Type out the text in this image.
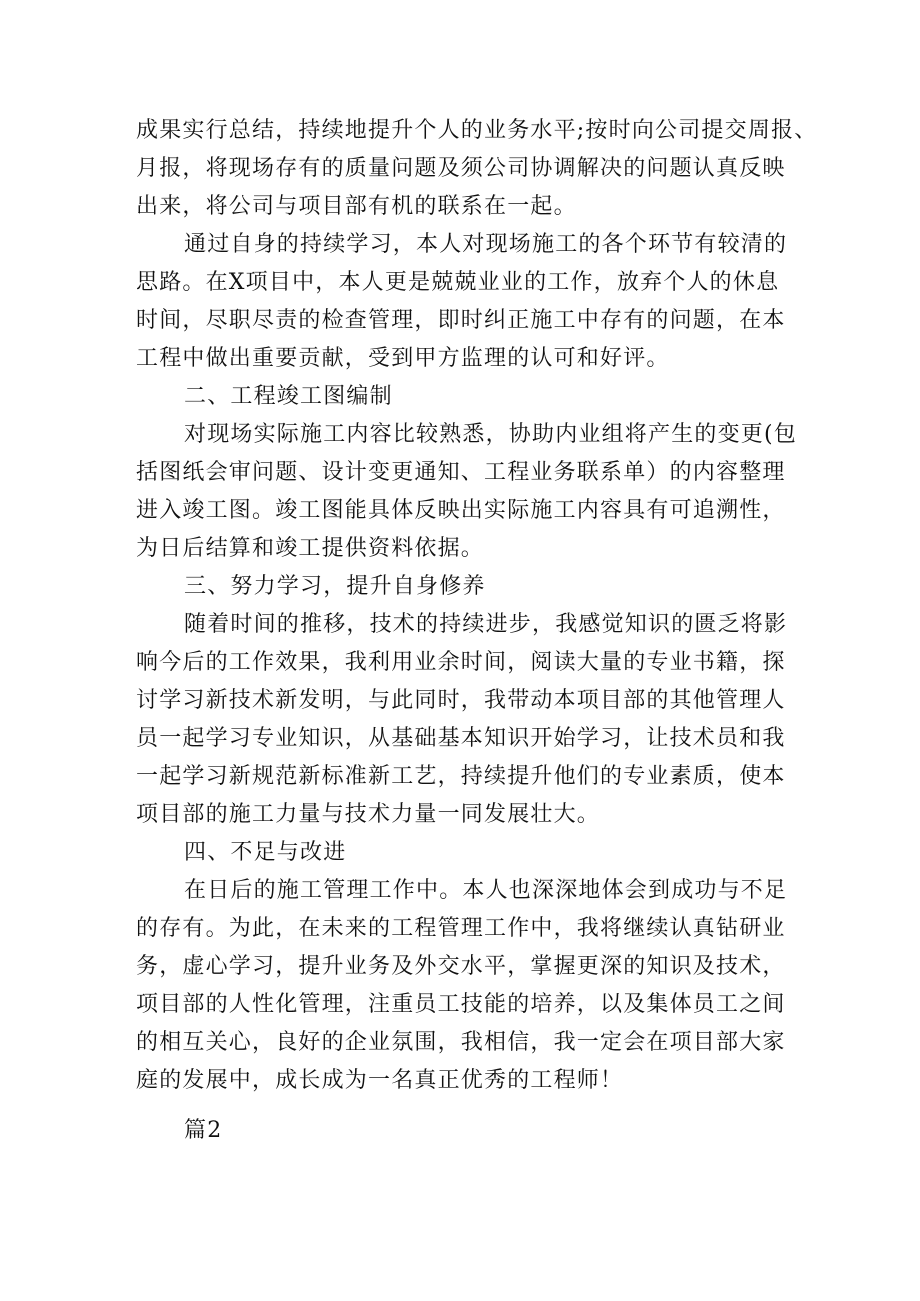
成果实行总结，持续地提升个人的业务水平;按时向公司提交周报、
月报，将现场存有的质量问题及须公司协调解决的问题认真反映
出来，将公司与项目部有机的联系在一起。
通过自身的持续学习，本人对现场施工的各个环节有较清的
思路。在X项目中，本人更是兢兢业业的工作，放弃个人的休息
时间，尽职尽责的检查管理，即时纠正施工中存有的问题，在本
工程中做出重要贡献，受到甲方监理的认可和好评。
二、工程竣工图编制
对现场实际施工内容比较熟悉，协助内业组将产生的变更(包
括图纸会审问题、设计变更通知、工程业务联系单）的内容整理
进入竣工图。竣工图能具体反映出实际施工内容具有可追溯性，
为日后结算和竣工提供资料依据。
三、努力学习，提升自身修养
随着时间的推移，技术的持续进步，我感觉知识的匮乏将影
响今后的工作效果，我利用业余时间，阅读大量的专业书籍，探
讨学习新技术新发明，与此同时，我带动本项目部的其他管理人
员一起学习专业知识，从基础基本知识开始学习，让技术员和我
一起学习新规范新标准新工艺，持续提升他们的专业素质，使本
项目部的施工力量与技术力量一同发展壮大。
四、不足与改进
在日后的施工管理工作中。本人也深深地体会到成功与不足
的存有。为此，在未来的工程管理工作中，我将继续认真钻研业
务，虚心学习，提升业务及外交水平，掌握更深的知识及技术，
项目部的人性化管理，注重员工技能的培养，以及集体员工之间
的相互关心，良好的企业氛围，我相信，我一定会在项目部大家
庭的发展中，成长成为一名真正优秀的工程师！
篇2
